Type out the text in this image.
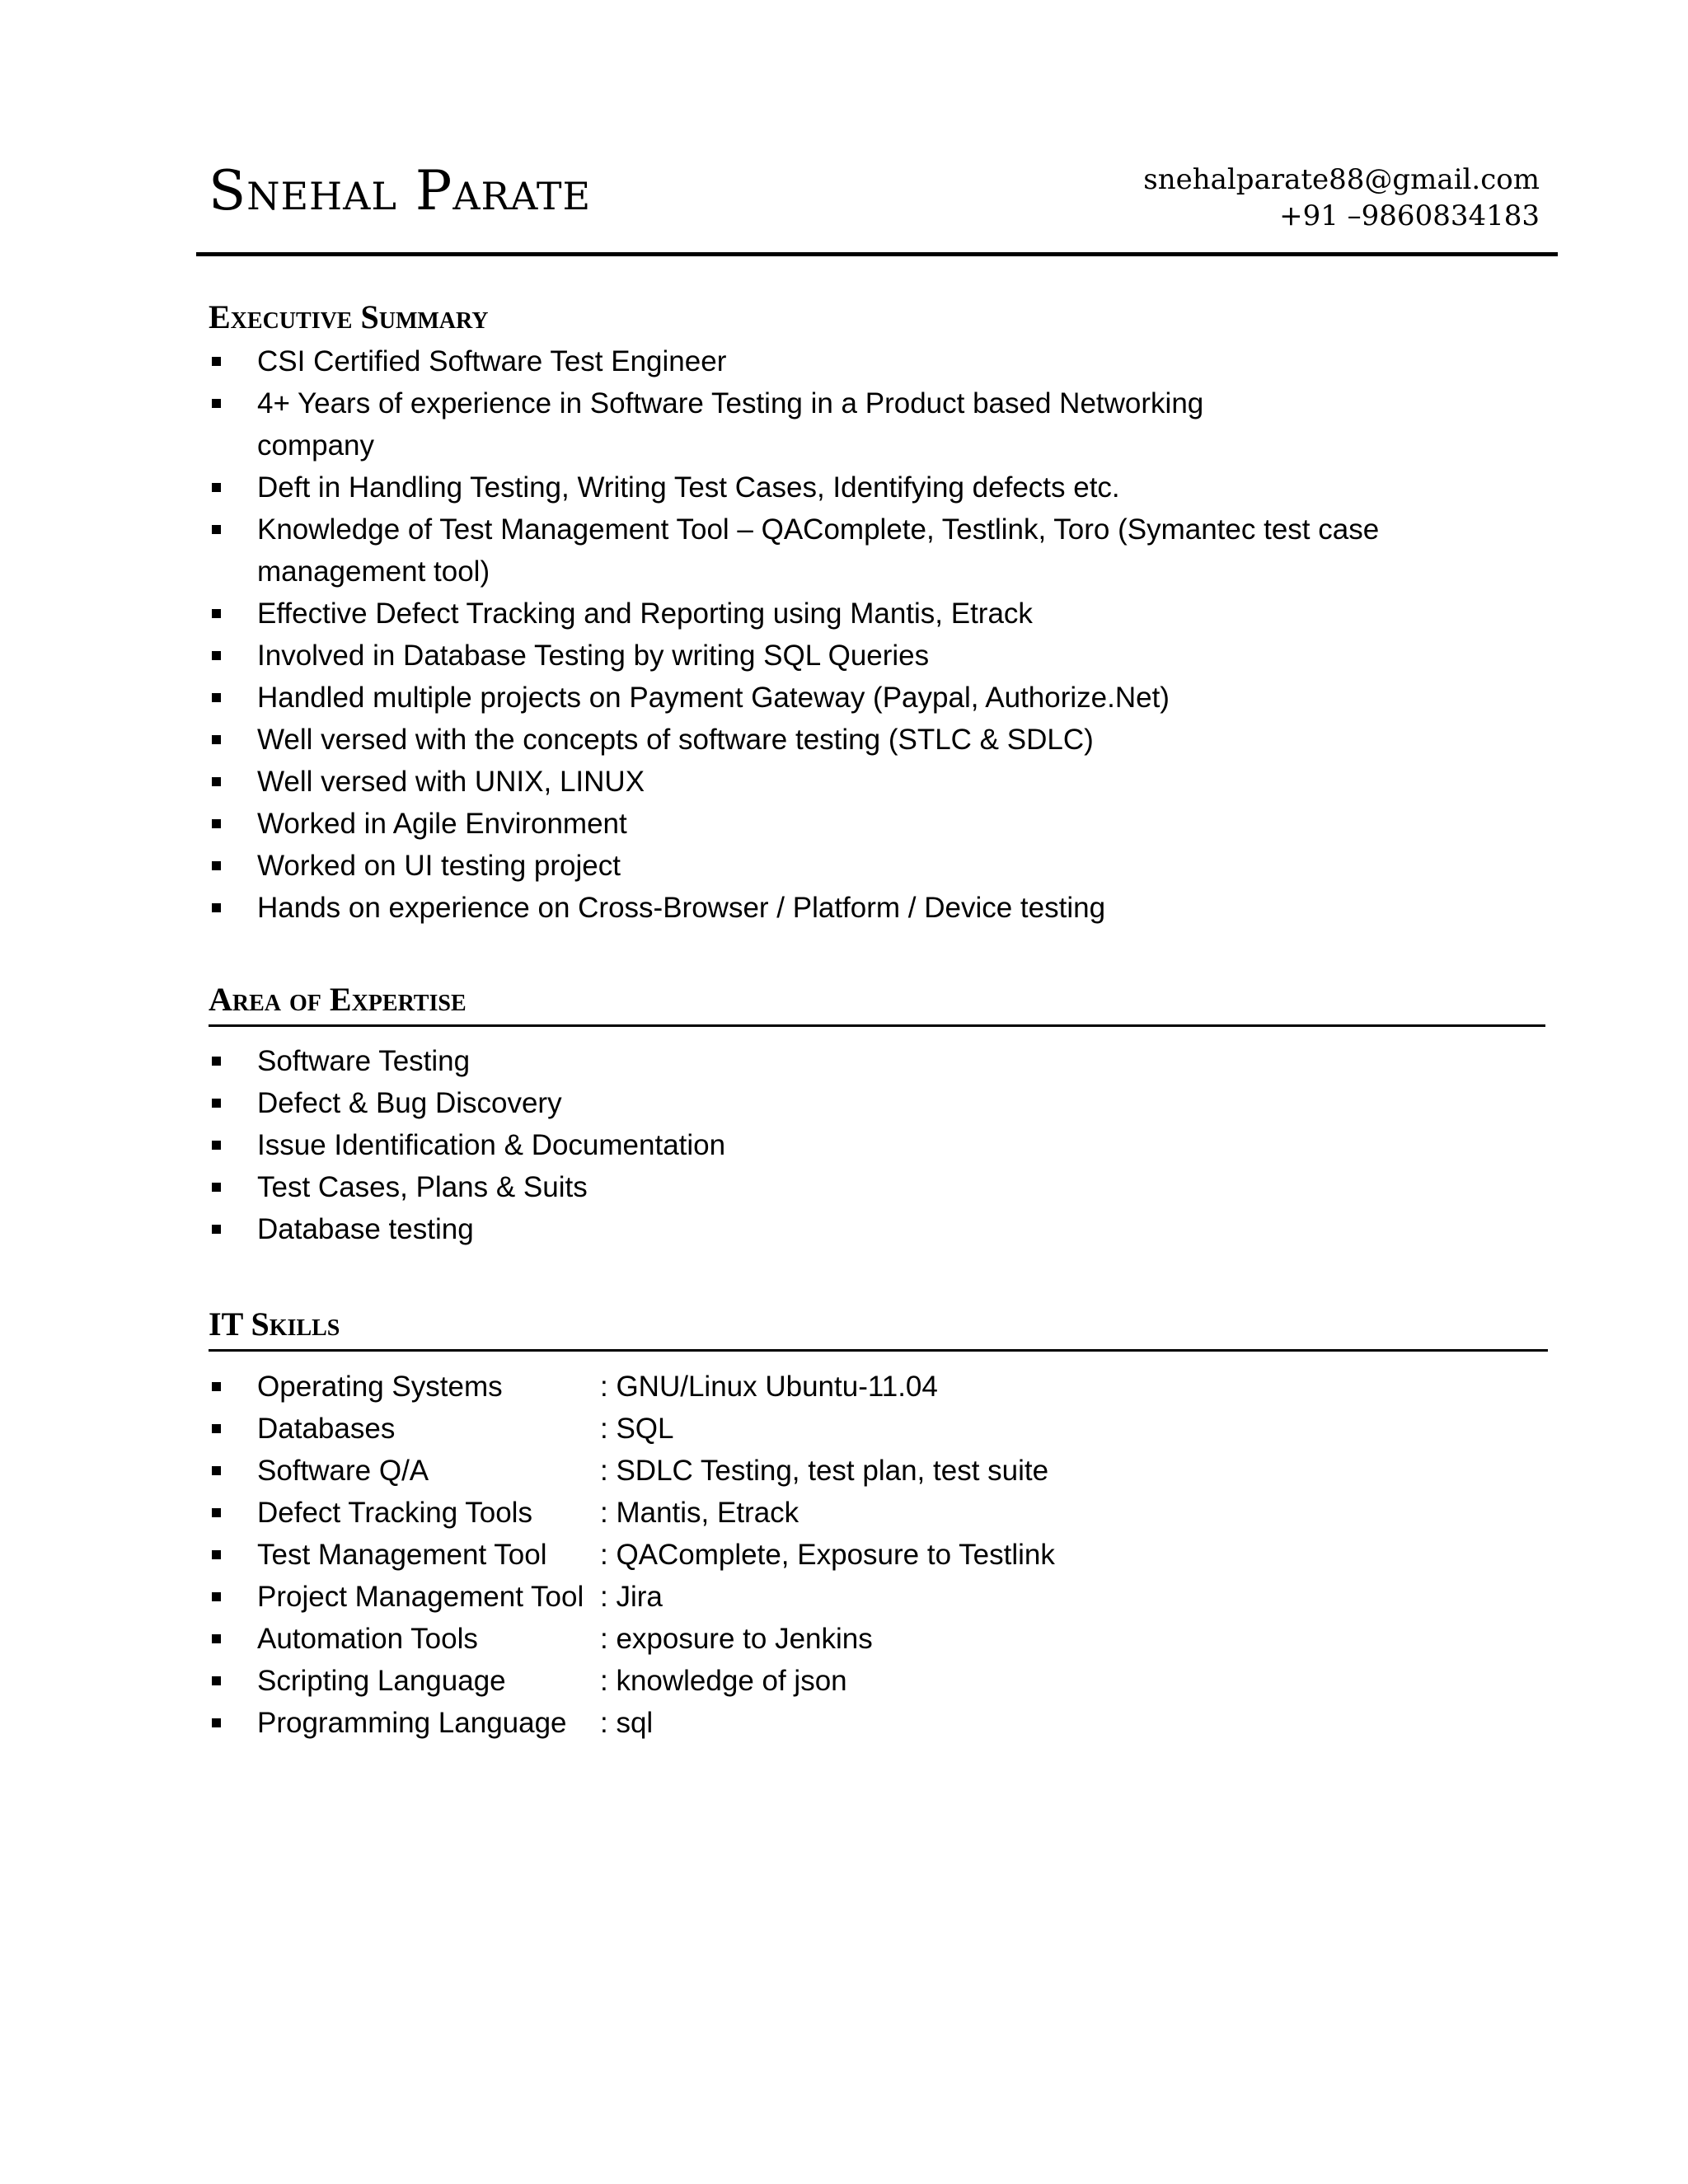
Snehal Parate	snehalparate88@gmail.com
+91 –9860834183
Executive Summary
CSI Certified Software Test Engineer
4+ Years of experience in Software Testing in a Product based Networking company
Deft in Handling Testing, Writing Test Cases, Identifying defects etc.
Knowledge of Test Management Tool – QAComplete, Testlink, Toro (Symantec test case management tool)
Effective Defect Tracking and Reporting using Mantis, Etrack
Involved in Database Testing by writing SQL Queries
Handled multiple projects on Payment Gateway (Paypal, Authorize.Net)
Well versed with the concepts of software testing (STLC & SDLC)
Well versed with UNIX, LINUX
Worked in Agile Environment
Worked on UI testing project
Hands on experience on Cross-Browser / Platform / Device testing
Area of Expertise
Software Testing
Defect & Bug Discovery
Issue Identification & Documentation
Test Cases, Plans & Suits
Database testing
IT Skills
Operating Systems	: GNU/Linux Ubuntu-11.04
Databases	: SQL
Software Q/A	: SDLC Testing, test plan, test suite
Defect Tracking Tools : Mantis, Etrack
Test Management Tool : QAComplete, Exposure to Testlink
Project Management Tool : Jira
Automation Tools	: exposure to Jenkins
Scripting Language	: knowledge of json
Programming Language : sql
